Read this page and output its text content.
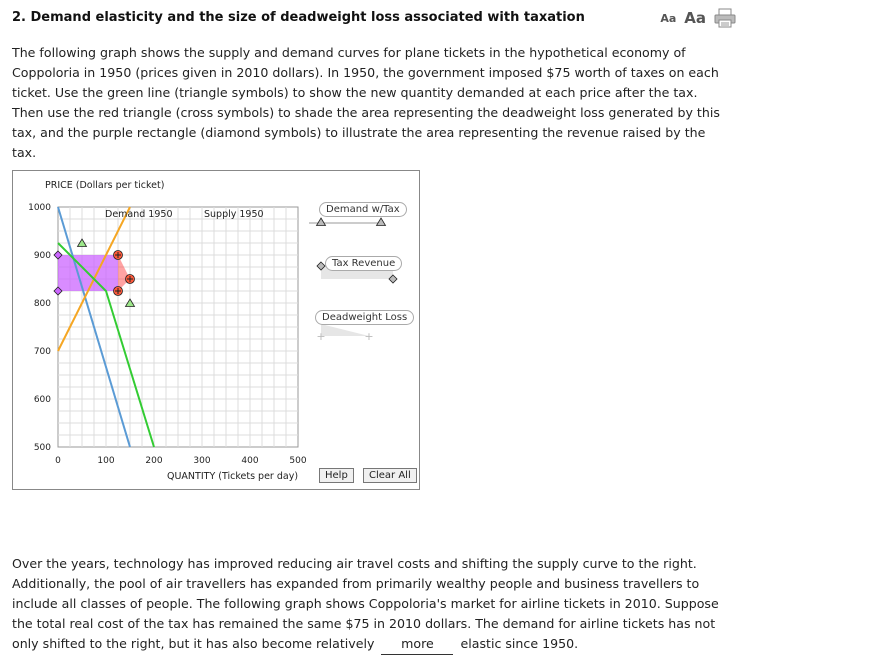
2. Demand elasticity and the size of deadweight loss associated with taxation	Aa Aa

The following graph shows the supply and demand curves for plane tickets in the hypothetical economy of Coppoloria in 1950 (prices given in 2010 dollars). In 1950, the government imposed $75 worth of taxes on each ticket. Use the green line (triangle symbols) to show the new quantity demanded at each price after the tax. Then use the red triangle (cross symbols) to shade the area representing the deadweight loss generated by this tax, and the purple rectangle (diamond symbols) to illustrate the area representing the revenue raised by the tax.

0	100	200	300	400	500
500
600
700
800
900
1000
PRICE (Dollars per ticket)
QUANTITY (Tickets per day)
Demand 1950	Supply 1950
+	+
Demand w/Tax
Tax Revenue
Deadweight Loss
Help	Clear All

Over the years, technology has improved reducing air travel costs and shifting the supply curve to the right. Additionally, the pool of air travellers has expanded from primarily wealthy people and business travellers to include all classes of people. The following graph shows Coppoloria's market for airline tickets in 2010. Suppose the total real cost of the tax has remained the same $75 in 2010 dollars. The demand for airline tickets has not only shifted to the right, but it has also become relatively more elastic since 1950.
